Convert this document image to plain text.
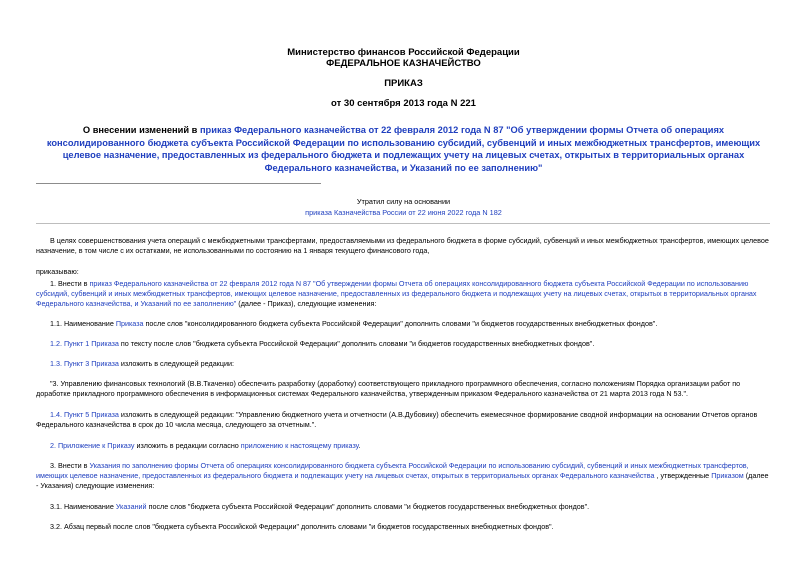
Министерство финансов Российской Федерации
ФЕДЕРАЛЬНОЕ КАЗНАЧЕЙСТВО
ПРИКАЗ
от 30 сентября 2013 года N 221
О внесении изменений в приказ Федерального казначейства от 22 февраля 2012 года N 87 "Об утверждении формы Отчета об операциях консолидированного бюджета субъекта Российской Федерации по использованию субсидий, субвенций и иных межбюджетных трансфертов, имеющих целевое назначение, предоставленных из федерального бюджета и подлежащих учету на лицевых счетах, открытых в территориальных органах Федерального казначейства, и Указаний по ее заполнению"
Утратил силу на основании
приказа Казначейства России от 22 июня 2022 года N 182
В целях совершенствования учета операций с межбюджетными трансфертами, предоставляемыми из федерального бюджета в форме субсидий, субвенций и иных межбюджетных трансфертов, имеющих целевое назначение, в том числе с их остатками, не использованными по состоянию на 1 января текущего финансового года,
приказываю:
1. Внести в приказ Федерального казначейства от 22 февраля 2012 года N 87 "Об утверждении формы Отчета об операциях консолидированного бюджета субъекта Российской Федерации по использованию субсидий, субвенций и иных межбюджетных трансфертов, имеющих целевое назначение, предоставленных из федерального бюджета и подлежащих учету на лицевых счетах, открытых в территориальных органах Федерального казначейства, и Указаний по ее заполнению" (далее - Приказ), следующие изменения:
1.1. Наименование Приказа после слов "консолидированного бюджета субъекта Российской Федерации" дополнить словами "и бюджетов государственных внебюджетных фондов".
1.2. Пункт 1 Приказа по тексту после слов "бюджета субъекта Российской Федерации" дополнить словами "и бюджетов государственных внебюджетных фондов".
1.3. Пункт 3 Приказа изложить в следующей редакции:
"3. Управлению финансовых технологий (В.В.Ткаченко) обеспечить разработку (доработку) соответствующего прикладного программного обеспечения, согласно положениям Порядка организации работ по доработке прикладного программного обеспечения в информационных системах Федерального казначейства, утвержденным приказом Федерального казначейства от 21 марта 2013 года N 53.".
1.4. Пункт 5 Приказа изложить в следующей редакции: "Управлению бюджетного учета и отчетности (А.В.Дубовику) обеспечить ежемесячное формирование сводной информации на основании Отчетов органов Федерального казначейства в срок до 10 числа месяца, следующего за отчетным.".
2. Приложение к Приказу изложить в редакции согласно приложению к настоящему приказу.
3. Внести в Указания по заполнению формы Отчета об операциях консолидированного бюджета субъекта Российской Федерации по использованию субсидий, субвенций и иных межбюджетных трансфертов, имеющих целевое назначение, предоставленных из федерального бюджета и подлежащих учету на лицевых счетах, открытых в территориальных органах Федерального казначейства , утвержденные Приказом (далее - Указания) следующие изменения:
3.1. Наименование Указаний после слов "бюджета субъекта Российской Федерации" дополнить словами "и бюджетов государственных внебюджетных фондов".
3.2. Абзац первый после слов "бюджета субъекта Российской Федерации" дополнить словами "и бюджетов государственных внебюджетных фондов".
